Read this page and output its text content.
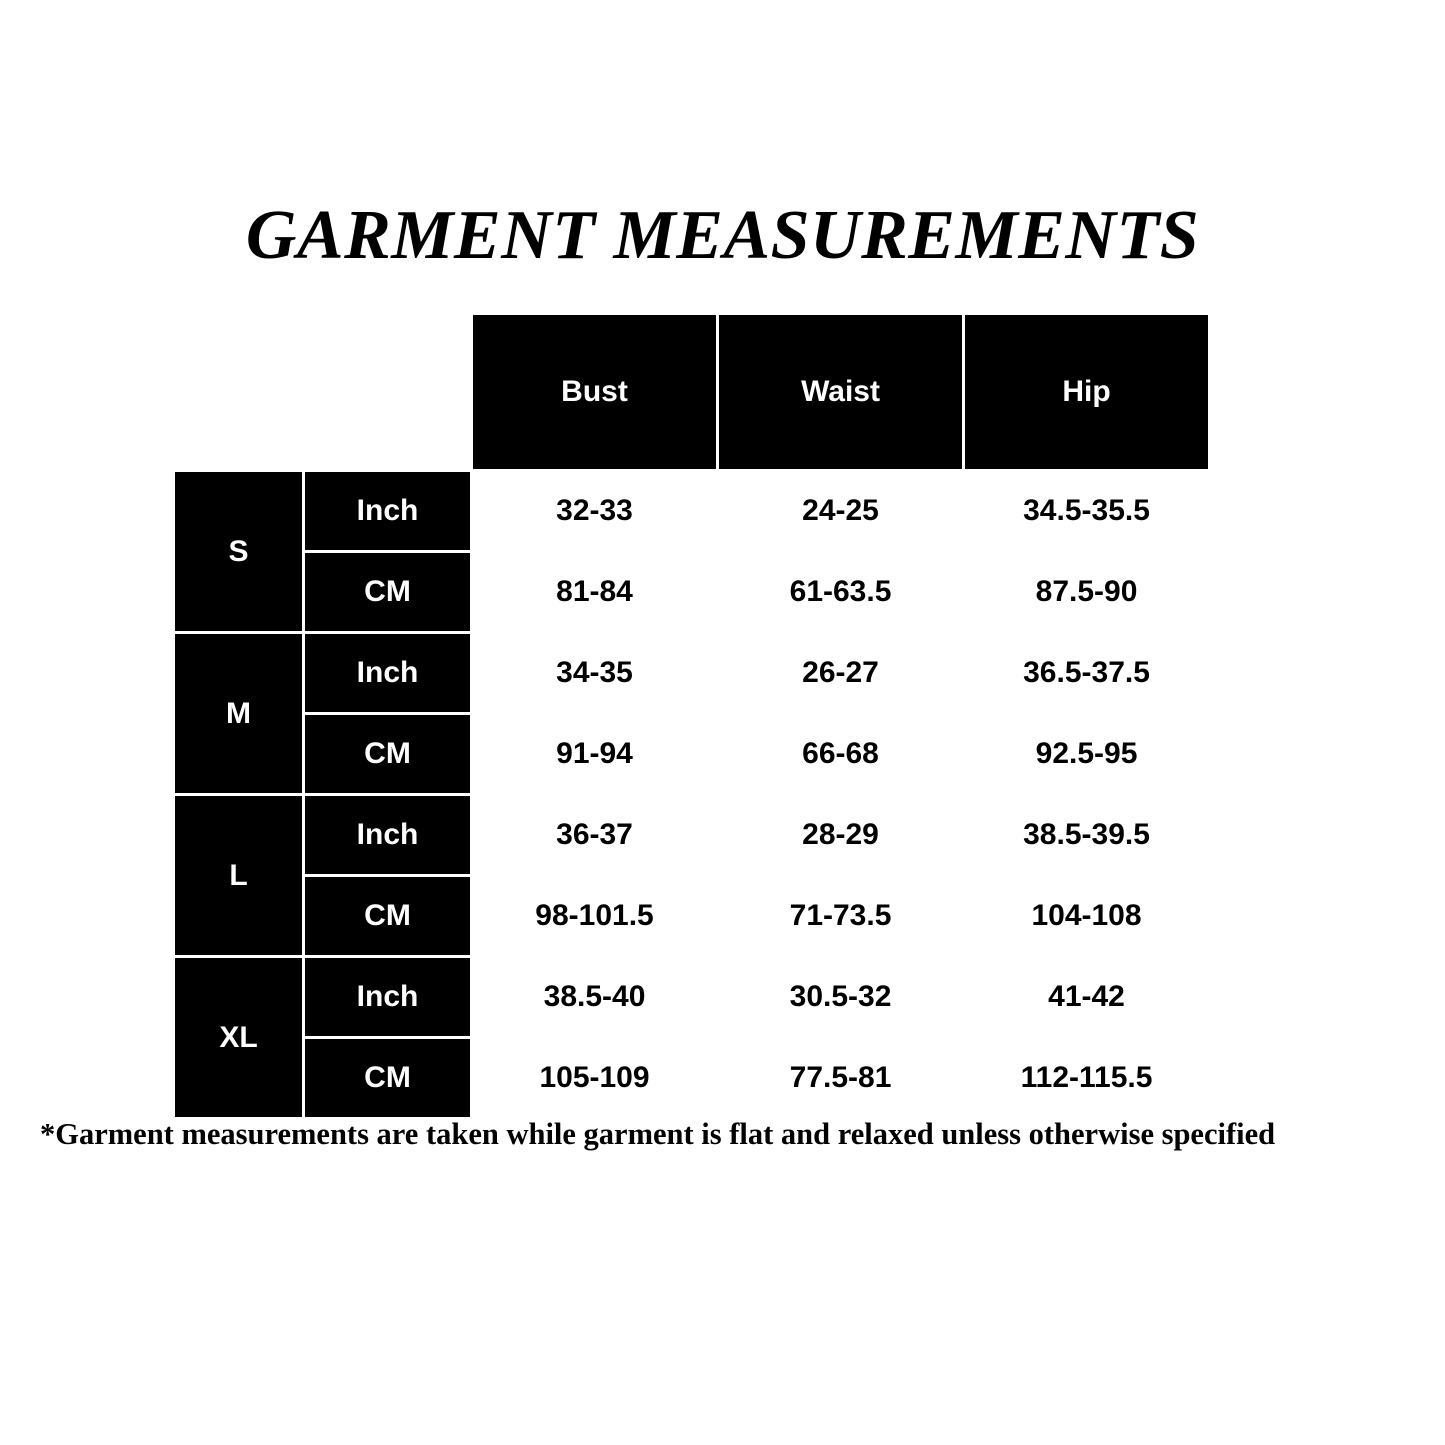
GARMENT MEASUREMENTS
Unit: $\frac{\text{Inch}}{CM}$		Bust	Waist	Hip
S	Inch	32-33	24-25	34.5-35.5
	CM	81-84	61-63.5	87.5-90
M	Inch	34-35	26-27	36.5-37.5
	CM	91-94	66-68	92.5-95
L	Inch	36-37	28-29	38.5-39.5
	CM	98-101.5	71-73.5	104-108
XL	Inch	38.5-40	30.5-32	41-42
	CM	105-109	77.5-81	112-115.5
*Garment measurements are taken while garment is flat and relaxed unless otherwise specified
